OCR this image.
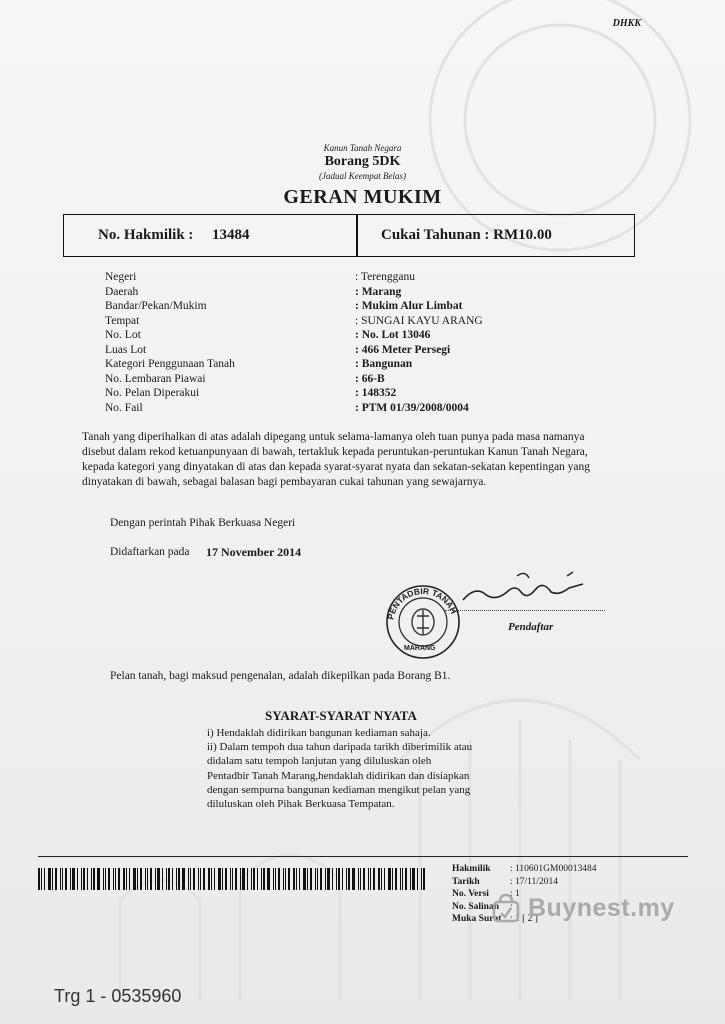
DHKK
Kanun Tanah Negara
Borang 5DK
(Jadual Keempat Belas)
GERAN MUKIM
No. Hakmilik : 13484	Cukai Tahunan : RM10.00
Negeri	: Terengganu
Daerah	: Marang
Bandar/Pekan/Mukim	: Mukim Alur Limbat
Tempat	: SUNGAI KAYU ARANG
No. Lot	: No. Lot 13046
Luas Lot	: 466 Meter Persegi
Kategori Penggunaan Tanah	: Bangunan
No. Lembaran Piawai	: 66-B
No. Pelan Diperakui	: 148352
No. Fail	: PTM 01/39/2008/0004

Tanah yang diperihalkan di atas adalah dipegang untuk selama-lamanya oleh tuan punya pada masa namanya

disebut dalam rekod ketuanpunyaan di bawah, tertakluk kepada peruntukan-peruntukan Kanun Tanah Negara,

kepada kategori yang dinyatakan di atas dan kepada syarat-syarat nyata dan sekatan-sekatan kepentingan yang

dinyatakan di bawah, sebagai balasan bagi pembayaran cukai tahunan yang sewajarnya.

Dengan perintah Pihak Berkuasa Negeri
Didaftarkan pada 17 November 2014
PENTADBIR TANAH
MARANG
Pendaftar
Pelan tanah, bagi maksud pengenalan, adalah dikepilkan pada Borang B1.
SYARAT-SYARAT NYATA

i) Hendaklah didirikan bangunan kediaman sahaja.

ii) Dalam tempoh dua tahun daripada tarikh diberimilik atau

didalam satu tempoh lanjutan yang diluluskan oleh

Pentadbir Tanah Marang,hendaklah didirikan dan disiapkan

dengan sempurna bangunan kediaman mengikut pelan yang

diluluskan oleh Pihak Berkuasa Tempatan.

Hakmilik : 110601GM00013484
Tarikh	: 17/11/2014
No. Versi : 1
No. Salinan : 1
Muka Surat : 1 [ 2 ]
Buynest.my
Trg 1 - 0535960
